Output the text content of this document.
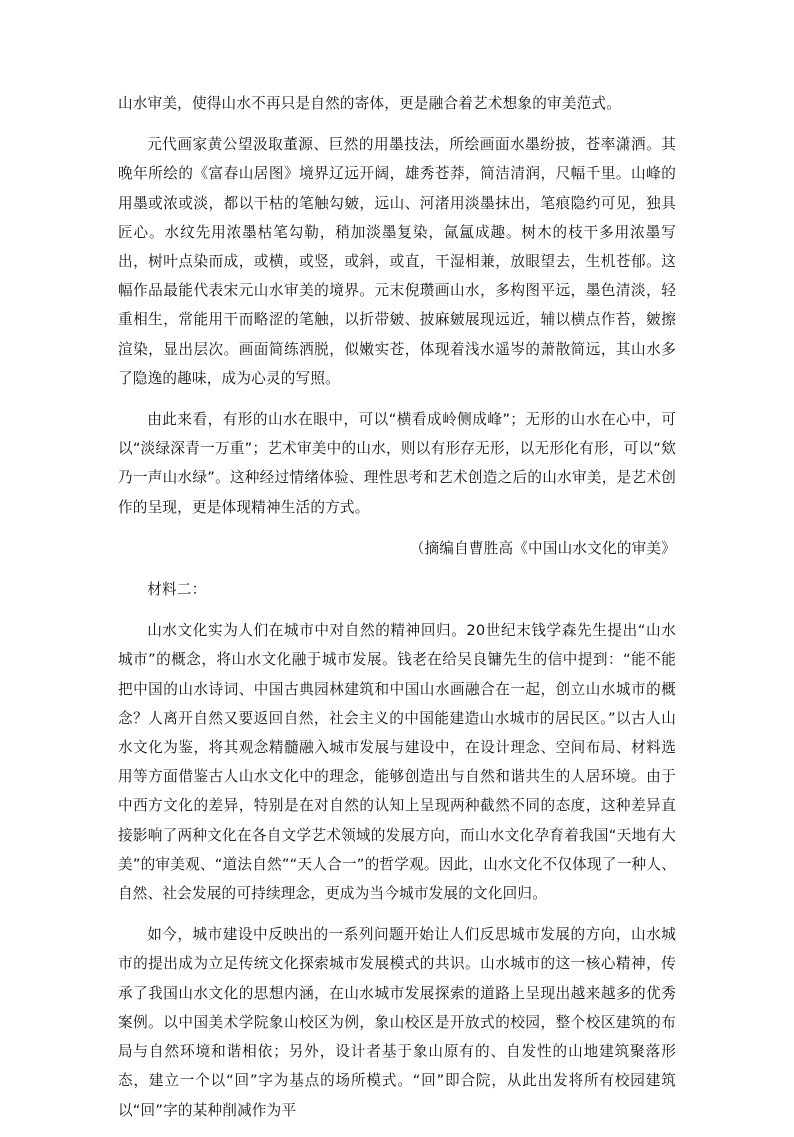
山水审美，使得山水不再只是自然的寄体，更是融合着艺术想象的审美范式。

元代画家黄公望汲取董源、巨然的用墨技法，所绘画面水墨纷披，苍率潇洒。其晚年所绘的《富春山居图》境界辽远开阔，雄秀苍莽，简洁清润，尺幅千里。山峰的用墨或浓或淡，都以干枯的笔触勾皴，远山、河渚用淡墨抹出，笔痕隐约可见，独具匠心。水纹先用浓墨枯笔勾勒，稍加淡墨复染，氤氲成趣。树木的枝干多用浓墨写出，树叶点染而成，或横，或竖，或斜，或直，干湿相兼，放眼望去，生机苍郁。这幅作品最能代表宋元山水审美的境界。元末倪瓒画山水，多构图平远，墨色清淡，轻重相生，常能用干而略涩的笔触，以折带皴、披麻皴展现远近，辅以横点作苔，皴擦渲染，显出层次。画面简练洒脱，似嫩实苍，体现着浅水遥岑的萧散简远，其山水多了隐逸的趣味，成为心灵的写照。

由此来看，有形的山水在眼中，可以“横看成岭侧成峰”；无形的山水在心中，可以“淡绿深青一万重”；艺术审美中的山水，则以有形存无形，以无形化有形，可以“欸乃一声山水绿”。这种经过情绪体验、理性思考和艺术创造之后的山水审美，是艺术创作的呈现，更是体现精神生活的方式。

（摘编自曹胜高《中国山水文化的审美》

材料二：

山水文化实为人们在城市中对自然的精神回归。20世纪末钱学森先生提出“山水城市”的概念，将山水文化融于城市发展。钱老在给吴良镛先生的信中提到：“能不能把中国的山水诗词、中国古典园林建筑和中国山水画融合在一起，创立山水城市的概念？人离开自然又要返回自然，社会主义的中国能建造山水城市的居民区。”以古人山水文化为鉴，将其观念精髓融入城市发展与建设中，在设计理念、空间布局、材料选用等方面借鉴古人山水文化中的理念，能够创造出与自然和谐共生的人居环境。由于中西方文化的差异，特别是在对自然的认知上呈现两种截然不同的态度，这种差异直接影响了两种文化在各自文学艺术领域的发展方向，而山水文化孕育着我国“天地有大美”的审美观、“道法自然”“天人合一”的哲学观。因此，山水文化不仅体现了一种人、自然、社会发展的可持续理念，更成为当今城市发展的文化回归。

如今，城市建设中反映出的一系列问题开始让人们反思城市发展的方向，山水城市的提出成为立足传统文化探索城市发展模式的共识。山水城市的这一核心精神，传承了我国山水文化的思想内涵，在山水城市发展探索的道路上呈现出越来越多的优秀案例。以中国美术学院象山校区为例，象山校区是开放式的校园，整个校区建筑的布局与自然环境和谐相依；另外，设计者基于象山原有的、自发性的山地建筑聚落形态，建立一个以“回”字为基点的场所模式。“回”即合院，从此出发将所有校园建筑以“回”字的某种削减作为平
